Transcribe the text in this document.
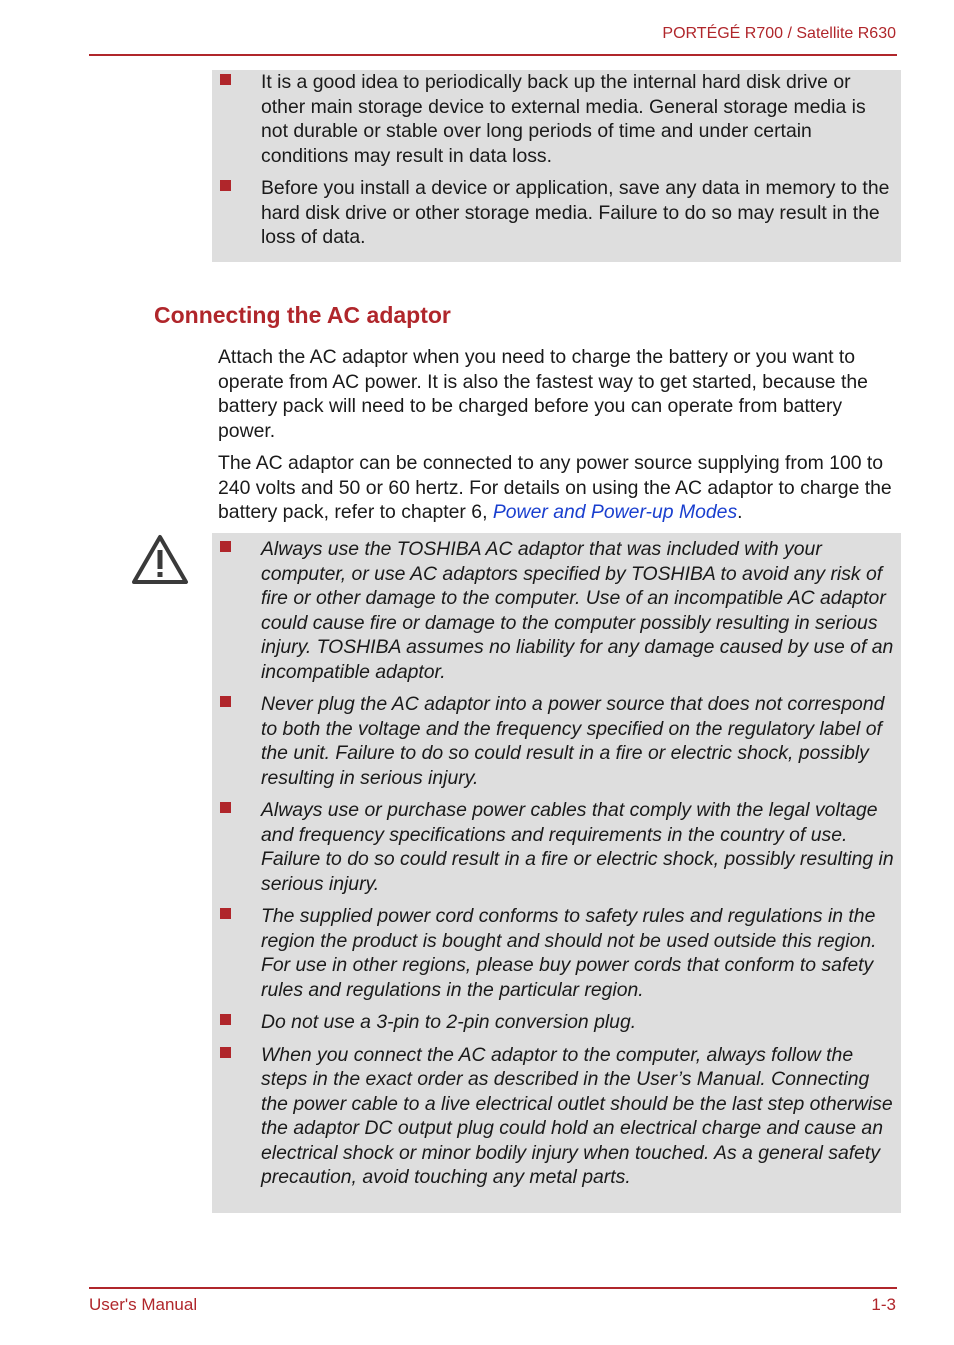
PORTÉGÉ R700 / Satellite R630
It is a good idea to periodically back up the internal hard disk drive or other main storage device to external media. General storage media is not durable or stable over long periods of time and under certain conditions may result in data loss.
Before you install a device or application, save any data in memory to the hard disk drive or other storage media. Failure to do so may result in the loss of data.
Connecting the AC adaptor

Attach the AC adaptor when you need to charge the battery or you want to operate from AC power. It is also the fastest way to get started, because the battery pack will need to be charged before you can operate from battery power.

The AC adaptor can be connected to any power source supplying from 100 to 240 volts and 50 or 60 hertz. For details on using the AC adaptor to charge the battery pack, refer to chapter 6, Power and Power-up Modes.

Always use the TOSHIBA AC adaptor that was included with your computer, or use AC adaptors specified by TOSHIBA to avoid any risk of fire or other damage to the computer. Use of an incompatible AC adaptor could cause fire or damage to the computer possibly resulting in serious injury. TOSHIBA assumes no liability for any damage caused by use of an incompatible adaptor.
Never plug the AC adaptor into a power source that does not correspond to both the voltage and the frequency specified on the regulatory label of the unit. Failure to do so could result in a fire or electric shock, possibly resulting in serious injury.
Always use or purchase power cables that comply with the legal voltage and frequency specifications and requirements in the country of use. Failure to do so could result in a fire or electric shock, possibly resulting in serious injury.
The supplied power cord conforms to safety rules and regulations in the region the product is bought and should not be used outside this region. For use in other regions, please buy power cords that conform to safety rules and regulations in the particular region.
Do not use a 3-pin to 2-pin conversion plug.
When you connect the AC adaptor to the computer, always follow the steps in the exact order as described in the User’s Manual. Connecting the power cable to a live electrical outlet should be the last step otherwise the adaptor DC output plug could hold an electrical charge and cause an electrical shock or minor bodily injury when touched. As a general safety precaution, avoid touching any metal parts.
User's Manual	1-3
